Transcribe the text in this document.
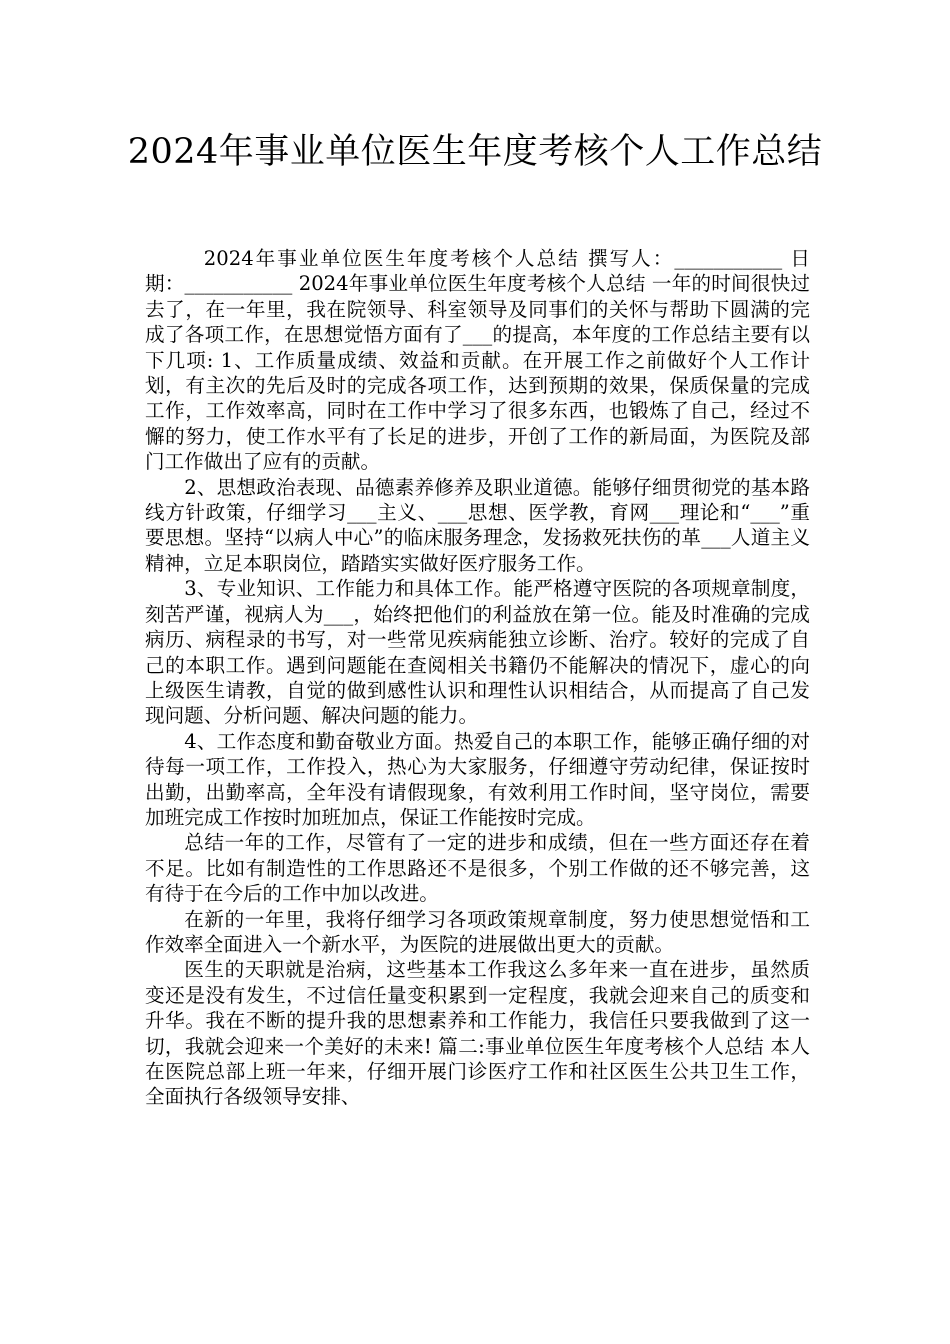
2024年事业单位医生年度考核个人工作总结

2024年事业单位医生年度考核个人总结 撰写人：___________ 日 期：___________ 2024年事业单位医生年度考核个人总结 一年的时间很快过去了，在一年里，我在院领导、科室领导及同事们的关怀与帮助下圆满的完成了各项工作，在思想觉悟方面有了___的提高，本年度的工作总结主要有以下几项: 1、工作质量成绩、效益和贡献。在开展工作之前做好个人工作计划，有主次的先后及时的完成各项工作，达到预期的效果，保质保量的完成工作，工作效率高，同时在工作中学习了很多东西，也锻炼了自己，经过不懈的努力，使工作水平有了长足的进步，开创了工作的新局面，为医院及部门工作做出了应有的贡献。

2、思想政治表现、品德素养修养及职业道德。能够仔细贯彻党的基本路线方针政策，仔细学习___主义、___思想、医学教，育网___理论和“___”重要思想。坚持“以病人中心”的临床服务理念，发扬救死扶伤的革___人道主义精神，立足本职岗位，踏踏实实做好医疗服务工作。

3、专业知识、工作能力和具体工作。能严格遵守医院的各项规章制度，刻苦严谨，视病人为___，始终把他们的利益放在第一位。能及时准确的完成病历、病程录的书写，对一些常见疾病能独立诊断、治疗。较好的完成了自己的本职工作。遇到问题能在查阅相关书籍仍不能解决的情况下，虚心的向上级医生请教，自觉的做到感性认识和理性认识相结合，从而提高了自己发现问题、分析问题、解决问题的能力。

4、工作态度和勤奋敬业方面。热爱自己的本职工作，能够正确仔细的对待每一项工作，工作投入，热心为大家服务，仔细遵守劳动纪律，保证按时出勤，出勤率高，全年没有请假现象，有效利用工作时间，坚守岗位，需要加班完成工作按时加班加点，保证工作能按时完成。

总结一年的工作，尽管有了一定的进步和成绩，但在一些方面还存在着不足。比如有制造性的工作思路还不是很多，个别工作做的还不够完善，这有待于在今后的工作中加以改进。

在新的一年里，我将仔细学习各项政策规章制度，努力使思想觉悟和工作效率全面进入一个新水平，为医院的进展做出更大的贡献。

医生的天职就是治病，这些基本工作我这么多年来一直在进步，虽然质变还是没有发生，不过信任量变积累到一定程度，我就会迎来自己的质变和升华。我在不断的提升我的思想素养和工作能力，我信任只要我做到了这一切，我就会迎来一个美好的未来! 篇二:事业单位医生年度考核个人总结 本人在医院总部上班一年来，仔细开展门诊医疗工作和社区医生公共卫生工作，全面执行各级领导安排、
